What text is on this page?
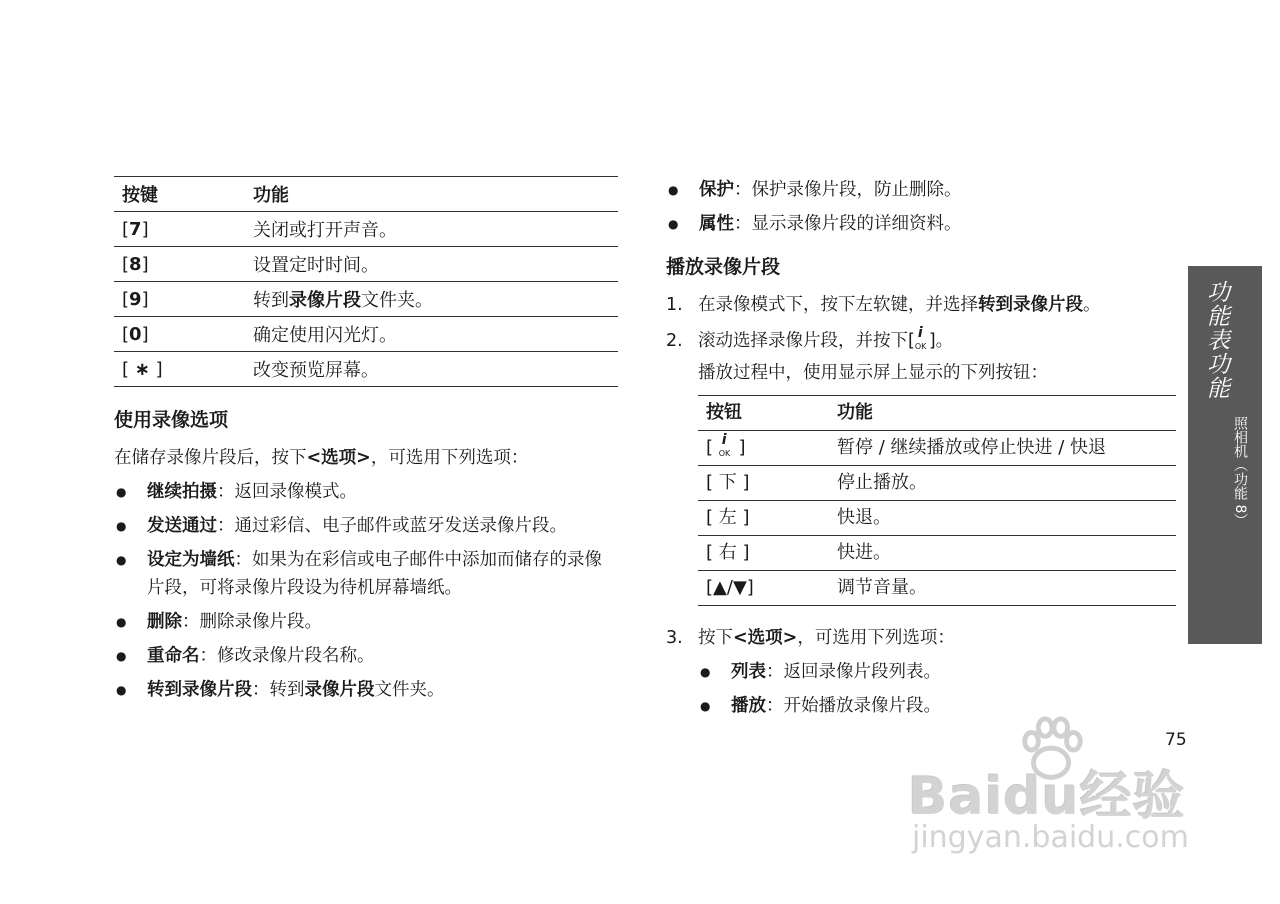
按键	功能
[7]	关闭或打开声音。
[8]	设置定时时间。
[9]	转到录像片段文件夹。
[0]	确定使用闪光灯。
[ ∗ ]	改变预览屏幕。
使用录像选项

在储存录像片段后，按下<选项>，可选用下列选项：

● 继续拍摄：返回录像模式。
● 发送通过：通过彩信、电子邮件或蓝牙发送录像片段。
● 设定为墙纸：如果为在彩信或电子邮件中添加而储存的录像片段，可将录像片段设为待机屏幕墙纸。
● 删除：删除录像片段。
● 重命名：修改录像片段名称。
● 转到录像片段：转到录像片段文件夹。
● 保护：保护录像片段，防止删除。
● 属性：显示录像片段的详细资料。
播放录像片段
1. 在录像模式下，按下左软键，并选择转到录像片段。
2. 滚动选择录像片段，并按下[ i
OK ]。
播放过程中，使用显示屏上显示的下列按钮：
按钮	功能
[ i
OK ]	暂停 / 继续播放或停止快进 / 快退
[ 下 ]	停止播放。
[ 左 ]	快退。
[ 右 ]	快进。
[▲/▼]	调节音量。
3. 按下<选项>，可选用下列选项：
● 列表：返回录像片段列表。
● 播放：开始播放录像片段。
功能表功能
照相机（功能 8）
75
Baidu经验
jingyan.baidu.com
